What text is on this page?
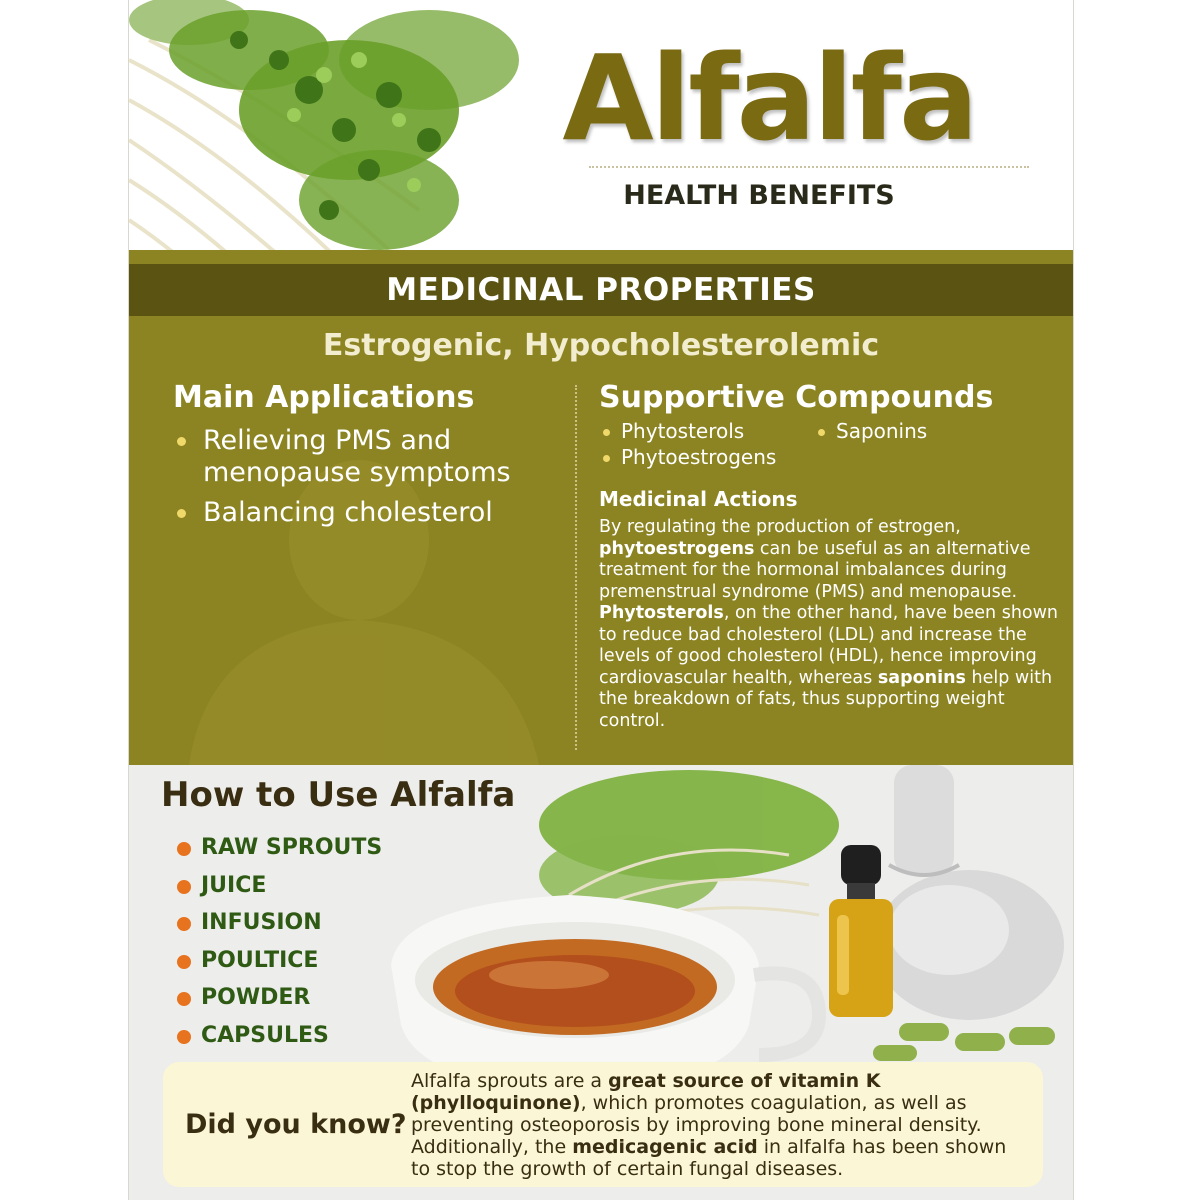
Alfalfa
HEALTH BENEFITS
MEDICINAL PROPERTIES

Estrogenic, Hypocholesterolemic

Main Applications
Relieving PMS and menopause symptoms
Balancing cholesterol
Supportive Compounds
Phytosterols	Saponins
Phytoestrogens
Medicinal Actions

By regulating the production of estrogen, phytoestrogens can be useful as an alternative treatment for the hormonal imbalances during premenstrual syndrome (PMS) and menopause. Phytosterols, on the other hand, have been shown to reduce bad cholesterol (LDL) and increase the levels of good cholesterol (HDL), hence improving cardiovascular health, whereas saponins help with the breakdown of fats, thus supporting weight control.

How to Use Alfalfa
RAW SPROUTS
JUICE
INFUSION
POULTICE
POWDER
CAPSULES

Did you know?

Alfalfa sprouts are a great source of vitamin K (phylloquinone), which promotes coagulation, as well as preventing osteoporosis by improving bone mineral density. Additionally, the medicagenic acid in alfalfa has been shown to stop the growth of certain fungal diseases.
